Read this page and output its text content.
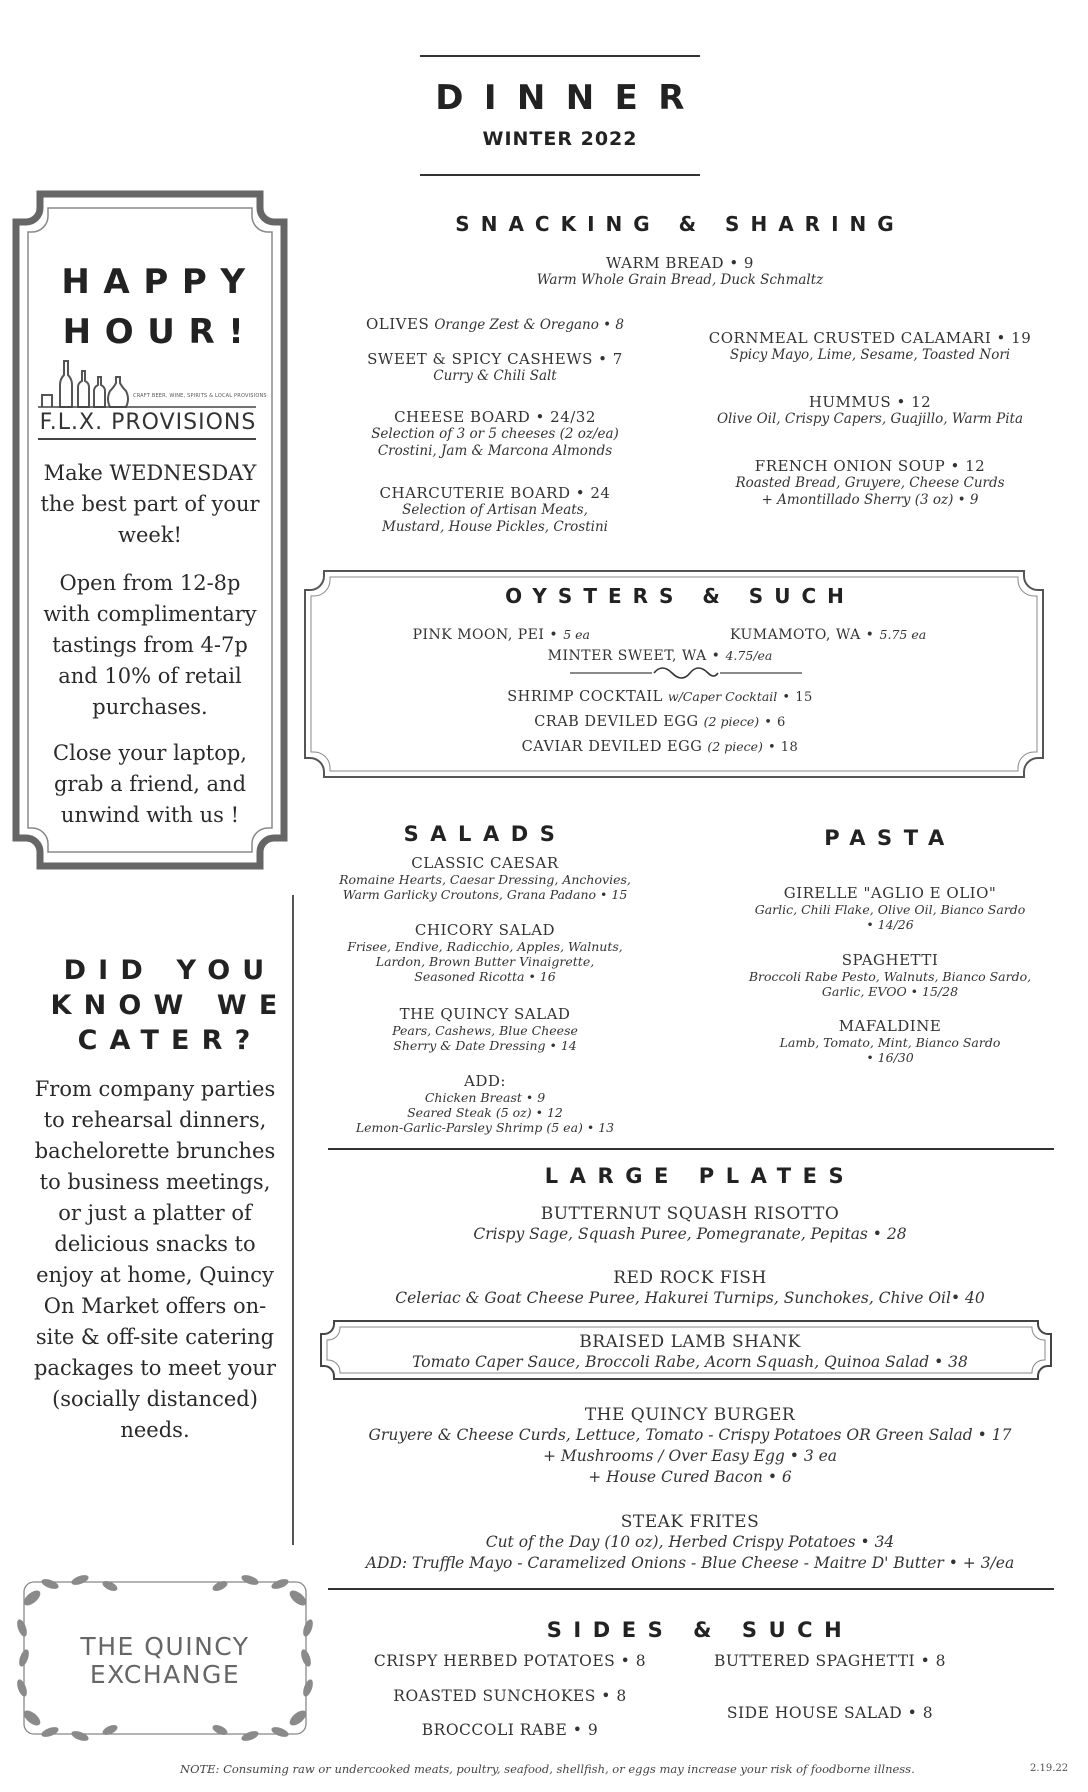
DINNER
WINTER 2022
HAPPY
HOUR!
CRAFT BEER, WINE, SPIRITS & LOCAL PROVISIONS
F.L.X. PROVISIONS
Make WEDNESDAY the best part of your week!
Open from 12-8p with complimentary tastings from 4-7p and 10% of retail purchases.
Close your laptop, grab a friend, and unwind with us !
DID YOU
KNOW WE
CATER?
From company parties to rehearsal dinners, bachelorette brunches to business meetings, or just a platter of delicious snacks to enjoy at home, Quincy On Market offers on-site & off-site catering packages to meet your (socially distanced) needs.
THE QUINCY
EXCHANGE
SNACKING & SHARING
WARM BREAD • 9
Warm Whole Grain Bread, Duck Schmaltz
OLIVES Orange Zest & Oregano • 8
SWEET & SPICY CASHEWS • 7
Curry & Chili Salt
CHEESE BOARD • 24/32
Selection of 3 or 5 cheeses (2 oz/ea)
Crostini, Jam & Marcona Almonds
CHARCUTERIE BOARD • 24
Selection of Artisan Meats,
Mustard, House Pickles, Crostini
CORNMEAL CRUSTED CALAMARI • 19
Spicy Mayo, Lime, Sesame, Toasted Nori
HUMMUS • 12
Olive Oil, Crispy Capers, Guajillo, Warm Pita
FRENCH ONION SOUP • 12
Roasted Bread, Gruyere, Cheese Curds
+ Amontillado Sherry (3 oz) • 9
OYSTERS & SUCH
PINK MOON, PEI • 5 ea	KUMAMOTO, WA • 5.75 ea
MINTER SWEET, WA • 4.75/ea
SHRIMP COCKTAIL w/Caper Cocktail • 15
CRAB DEVILED EGG (2 piece) • 6
CAVIAR DEVILED EGG (2 piece) • 18
SALADS
CLASSIC CAESAR
Romaine Hearts, Caesar Dressing, Anchovies,
Warm Garlicky Croutons, Grana Padano • 15
CHICORY SALAD
Frisee, Endive, Radicchio, Apples, Walnuts,
Lardon, Brown Butter Vinaigrette,
Seasoned Ricotta • 16
THE QUINCY SALAD
Pears, Cashews, Blue Cheese
Sherry & Date Dressing • 14
ADD:
Chicken Breast • 9
Seared Steak (5 oz) • 12
Lemon-Garlic-Parsley Shrimp (5 ea) • 13
PASTA
GIRELLE "AGLIO E OLIO"
Garlic, Chili Flake, Olive Oil, Bianco Sardo
• 14/26
SPAGHETTI
Broccoli Rabe Pesto, Walnuts, Bianco Sardo,
Garlic, EVOO • 15/28
MAFALDINE
Lamb, Tomato, Mint, Bianco Sardo
• 16/30
LARGE PLATES
BUTTERNUT SQUASH RISOTTO
Crispy Sage, Squash Puree, Pomegranate, Pepitas • 28
RED ROCK FISH
Celeriac & Goat Cheese Puree, Hakurei Turnips, Sunchokes, Chive Oil• 40
BRAISED LAMB SHANK
Tomato Caper Sauce, Broccoli Rabe, Acorn Squash, Quinoa Salad • 38
THE QUINCY BURGER
Gruyere & Cheese Curds, Lettuce, Tomato - Crispy Potatoes OR Green Salad • 17
+ Mushrooms / Over Easy Egg • 3 ea
+ House Cured Bacon • 6
STEAK FRITES
Cut of the Day (10 oz), Herbed Crispy Potatoes • 34
ADD: Truffle Mayo - Caramelized Onions - Blue Cheese - Maitre D' Butter • + 3/ea
SIDES & SUCH
CRISPY HERBED POTATOES • 8	BUTTERED SPAGHETTI • 8
ROASTED SUNCHOKES • 8
SIDE HOUSE SALAD • 8
BROCCOLI RABE • 9
NOTE: Consuming raw or undercooked meats, poultry, seafood, shellfish, or eggs may increase your risk of foodborne illness.	2.19.22
